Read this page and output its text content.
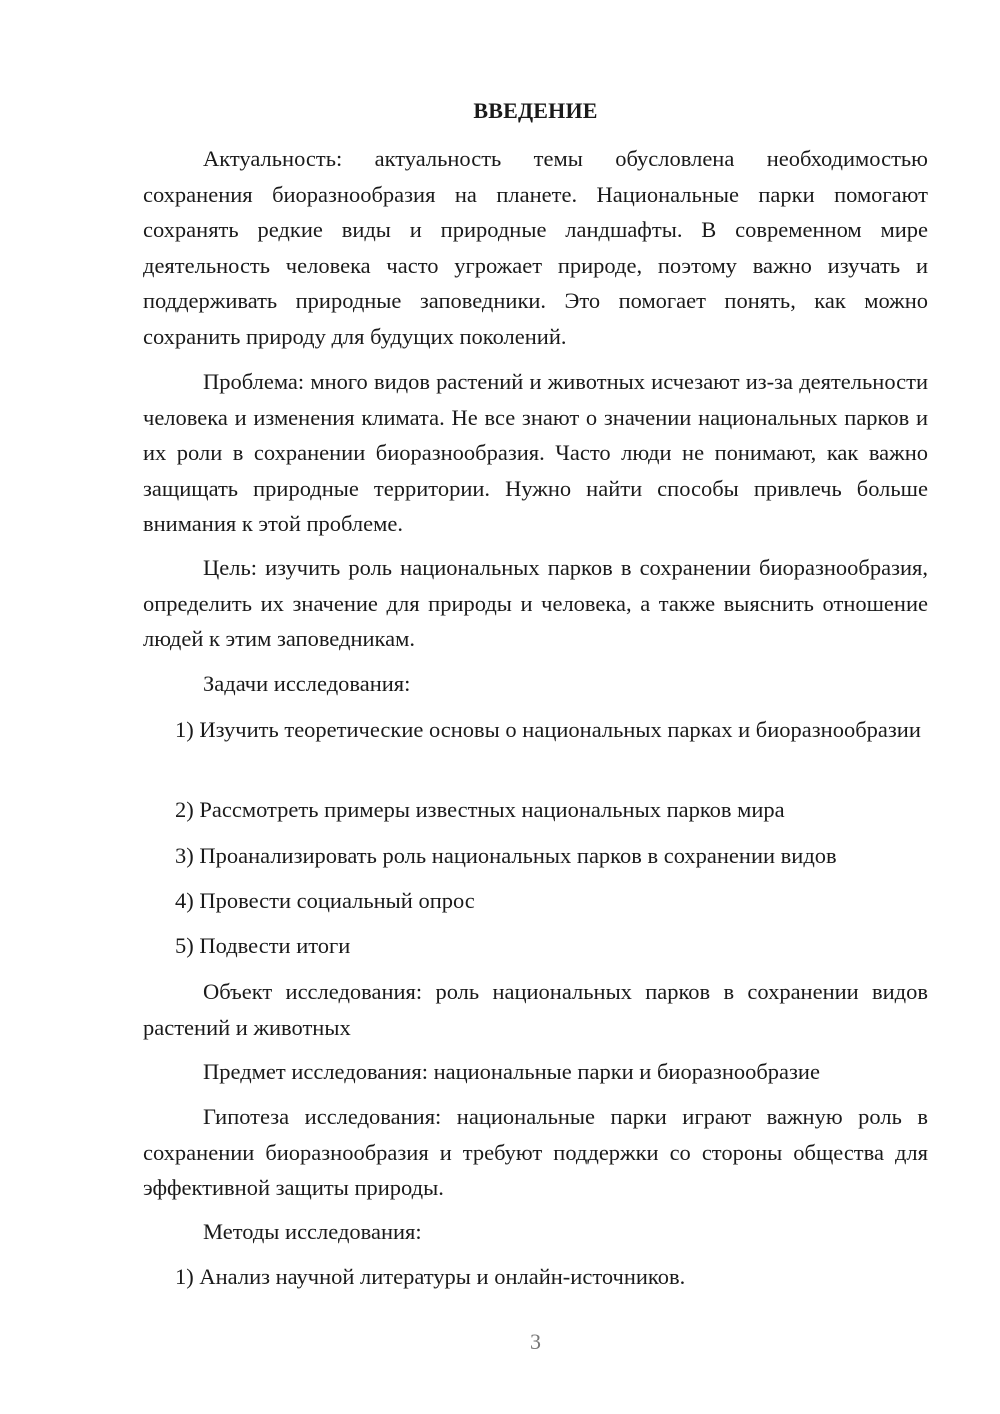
ВВЕДЕНИЕ

Актуальность: актуальность темы обусловлена необходимостью сохранения биоразнообразия на планете. Национальные парки помогают сохранять редкие виды и природные ландшафты. В современном мире деятельность человека часто угрожает природе, поэтому важно изучать и поддерживать природные заповедники. Это помогает понять, как можно сохранить природу для будущих поколений.

Проблема: много видов растений и животных исчезают из-за деятельности человека и изменения климата. Не все знают о значении национальных парков и их роли в сохранении биоразнообразия. Часто люди не понимают, как важно защищать природные территории. Нужно найти способы привлечь больше внимания к этой проблеме.

Цель: изучить роль национальных парков в сохранении биоразнообразия, определить их значение для природы и человека, а также выяснить отношение людей к этим заповедникам.

Задачи исследования:

1) Изучить теоретические основы о национальных парках и биоразнообразии

2) Рассмотреть примеры известных национальных парков мира

3) Проанализировать роль национальных парков в сохранении видов

4) Провести социальный опрос

5) Подвести итоги

Объект исследования: роль национальных парков в сохранении видов растений и животных

Предмет исследования: национальные парки и биоразнообразие

Гипотеза исследования: национальные парки играют важную роль в сохранении биоразнообразия и требуют поддержки со стороны общества для эффективной защиты природы.

Методы исследования:

1) Анализ научной литературы и онлайн-источников.

3
